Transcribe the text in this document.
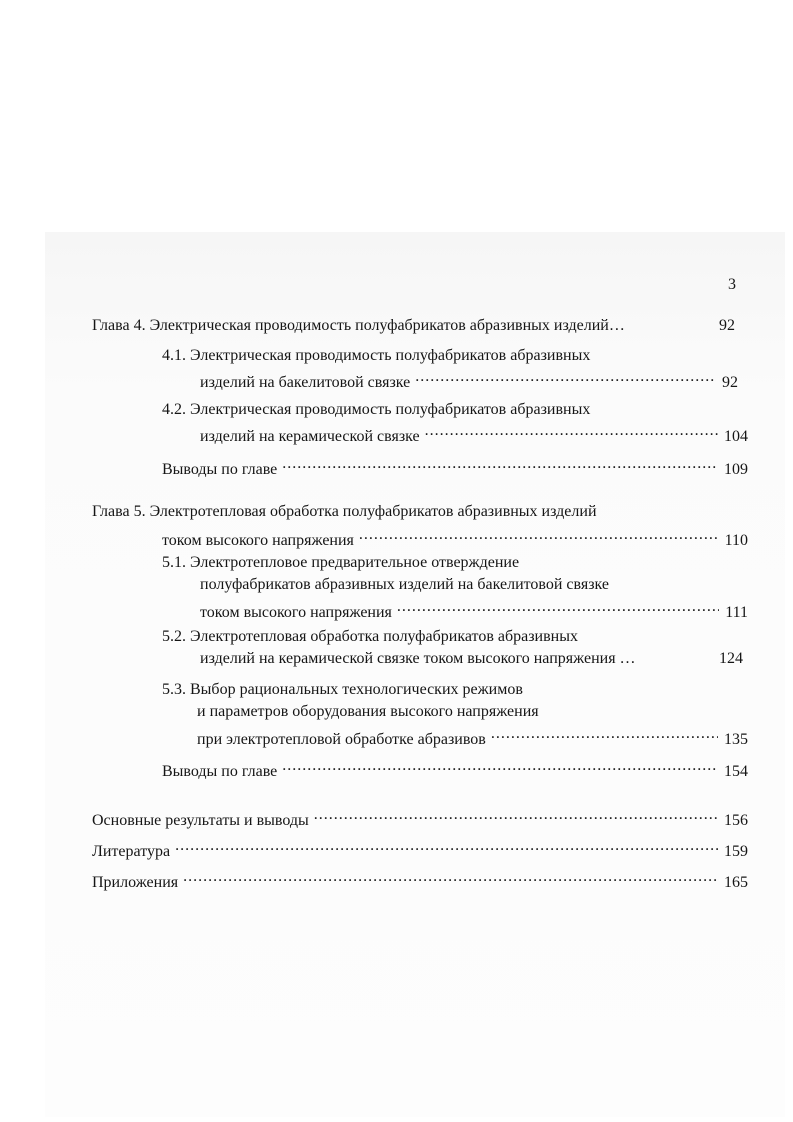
3
Глава 4. Электрическая проводимость полуфабрикатов абразивных изделий…	92
4.1. Электрическая проводимость полуфабрикатов абразивных
изделий на бакелитовой связке .....	92
4.2. Электрическая проводимость полуфабрикатов абразивных
изделий на керамической связке .....	104
Выводы по главе .....	109
Глава 5. Электротепловая обработка полуфабрикатов абразивных изделий
током высокого напряжения .....	110
5.1. Электротепловое предварительное отверждение
полуфабрикатов абразивных изделий на бакелитовой связке
током высокого напряжения .....	111
5.2. Электротепловая обработка полуфабрикатов абразивных
изделий на керамической связке током высокого напряжения …	124
5.3. Выбор рациональных технологических режимов
и параметров оборудования высокого напряжения
при электротепловой обработке абразивов .....	135
Выводы по главе .....	154
Основные результаты и выводы .....	156
Литература .....	159
Приложения .....	165
